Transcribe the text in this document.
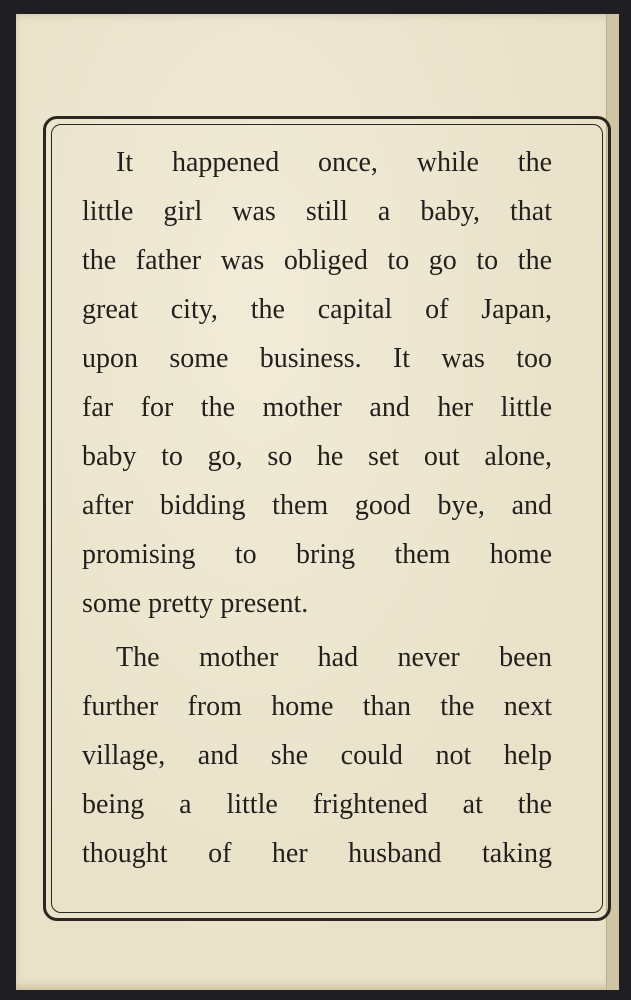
It happened once, while the
little girl was still a baby, that
the father was obliged to go to the
great city, the capital of Japan,
upon some business. It was too
far for the mother and her little
baby to go, so he set out alone,
after bidding them good bye, and
promising to bring them home
some pretty present.
The mother had never been
further from home than the next
village, and she could not help
being a little frightened at the
thought of her husband taking
